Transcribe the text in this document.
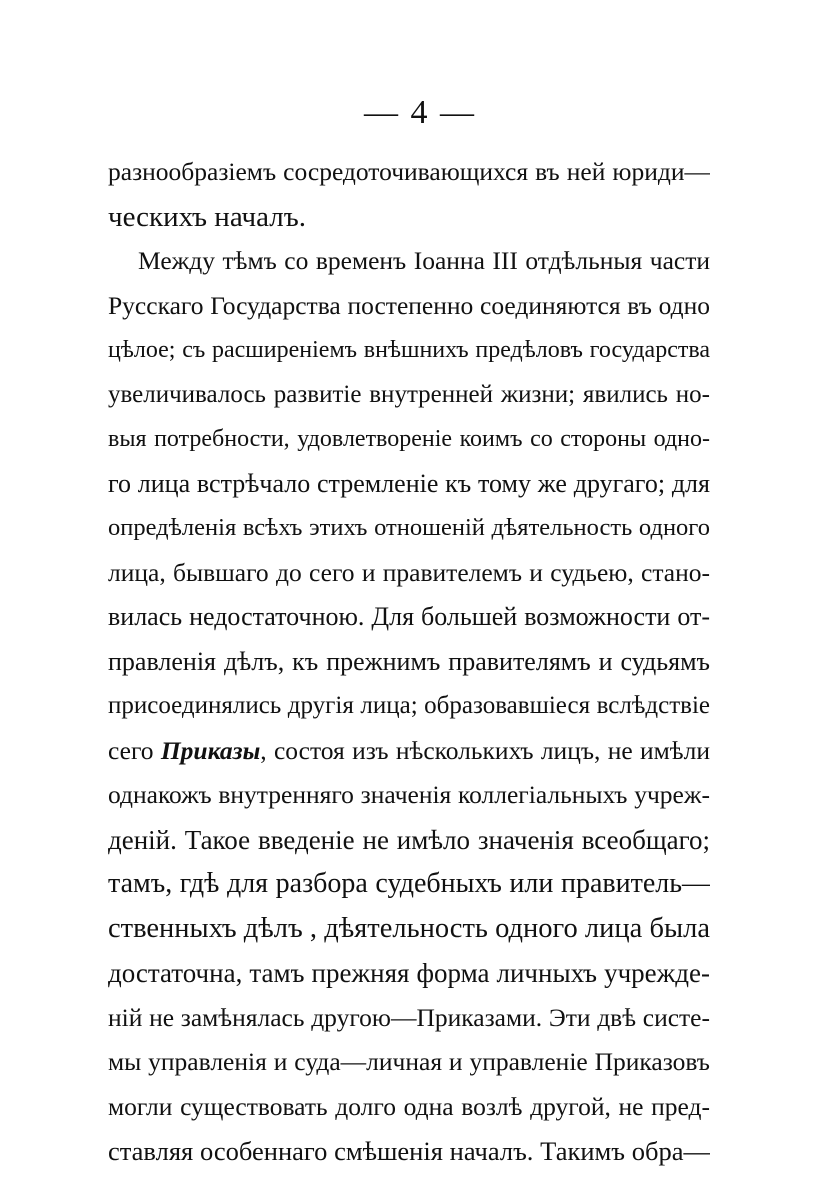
— 4 —
разнообразіемъ сосредоточивающихся въ ней юриди—
ческихъ началъ.
Между тѣмъ со временъ Іоанна III отдѣльныя части
Русскаго Государства постепенно соединяются въ одно
цѣлое; съ расширеніемъ внѣшнихъ предѣловъ государства
увеличивалось развитіе внутренней жизни; явились но-
выя потребности, удовлетвореніе коимъ со стороны одно-
го лица встрѣчало стремленіе къ тому же другаго; для
опредѣленія всѣхъ этихъ отношеній дѣятельность одного
лица, бывшаго до сего и правителемъ и судьею, стано-
вилась недостаточною. Для большей возможности от-
правленія дѣлъ, къ прежнимъ правителямъ и судьямъ
присоединялись другія лица; образовавшіеся вслѣдствіе
сего Приказы, состоя изъ нѣсколькихъ лицъ, не имѣли
однакожъ внутренняго значенія коллегіальныхъ учреж-
деній. Такое введеніе не имѣло значенія всеобщаго;
тамъ, гдѣ для разбора судебныхъ или правитель—
ственныхъ дѣлъ , дѣятельность одного лица была
достаточна, тамъ прежняя форма личныхъ учрежде-
ній не замѣнялась другою—Приказами. Эти двѣ систе-
мы управленія и суда—личная и управленіе Приказовъ
могли существовать долго одна возлѣ другой, не пред-
ставляя особеннаго смѣшенія началъ. Такимъ обра—
